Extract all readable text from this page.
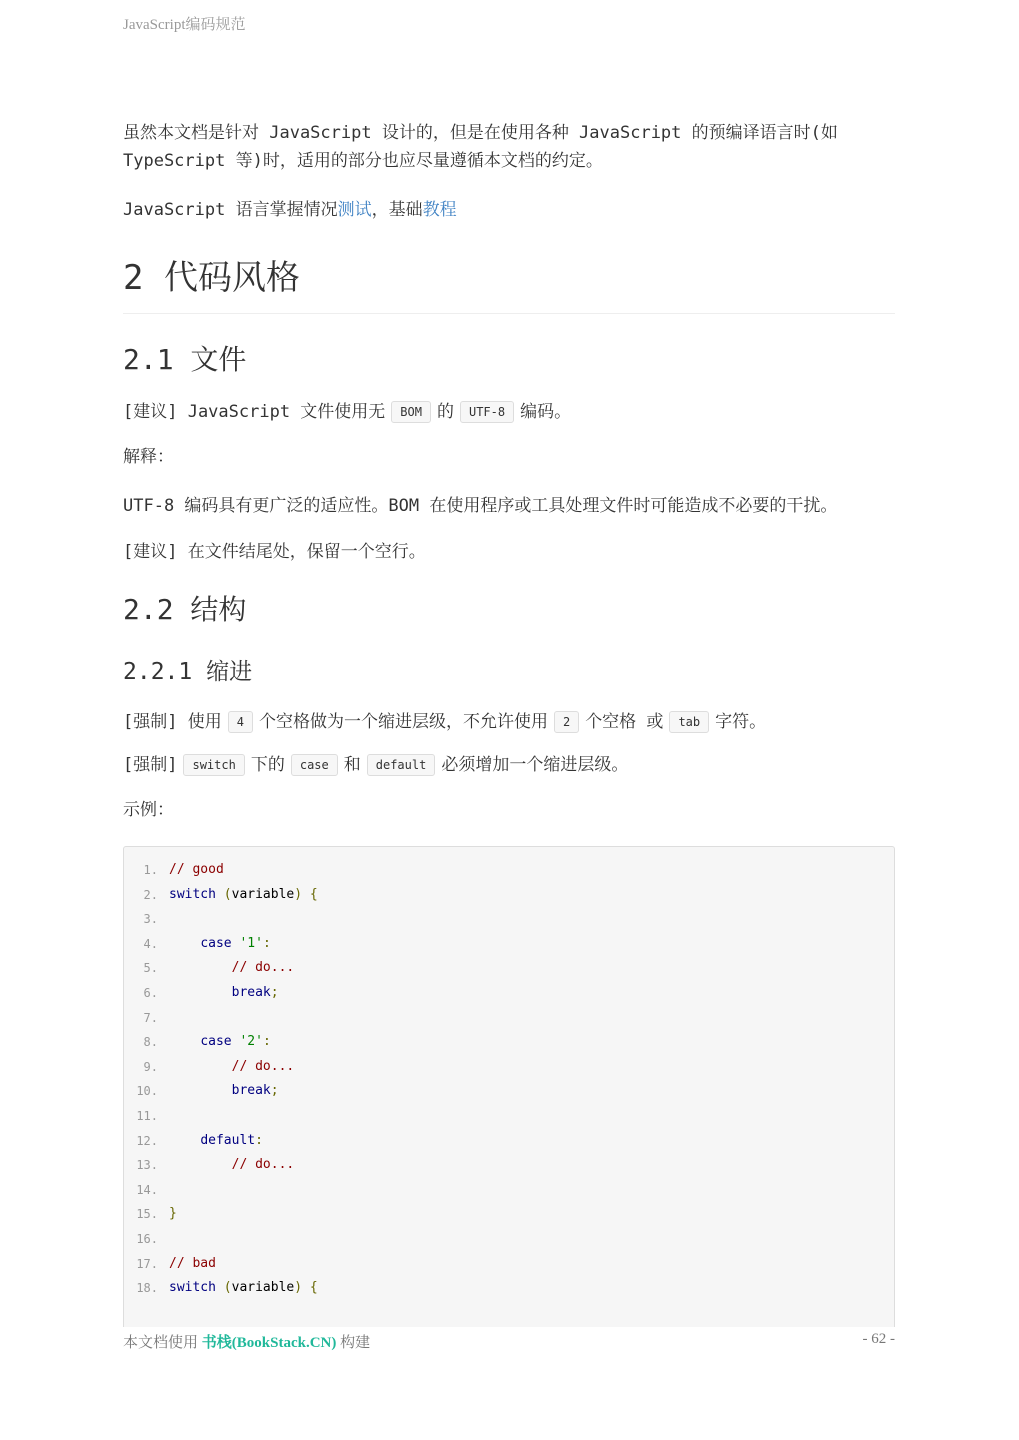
JavaScript编码规范

虽然本文档是针对 JavaScript 设计的，但是在使用各种 JavaScript 的预编译语言时(如 TypeScript 等)时，适用的部分也应尽量遵循本文档的约定。

JavaScript 语言掌握情况测试，基础教程

2 代码风格
2.1 文件

[建议] JavaScript 文件使用无 BOM 的 UTF-8 编码。

解释：

UTF-8 编码具有更广泛的适应性。BOM 在使用程序或工具处理文件时可能造成不必要的干扰。

[建议] 在文件结尾处，保留一个空行。

2.2 结构
2.2.1 缩进

[强制] 使用 4 个空格做为一个缩进层级，不允许使用 2 个空格 或 tab 字符。

[强制] switch 下的 case 和 default 必须增加一个缩进层级。

示例：

1. // good
2. switch (variable) {
3.
4.	case '1':
5.	// do...
6.	break;
7.
8.	case '2':
9.	// do...
10.	break;
11.
12.	default:
13.	// do...
14.
15. }
16.
17. // bad
18. switch (variable) {
本文档使用 书栈(BookStack.CN) 构建	- 62 -
